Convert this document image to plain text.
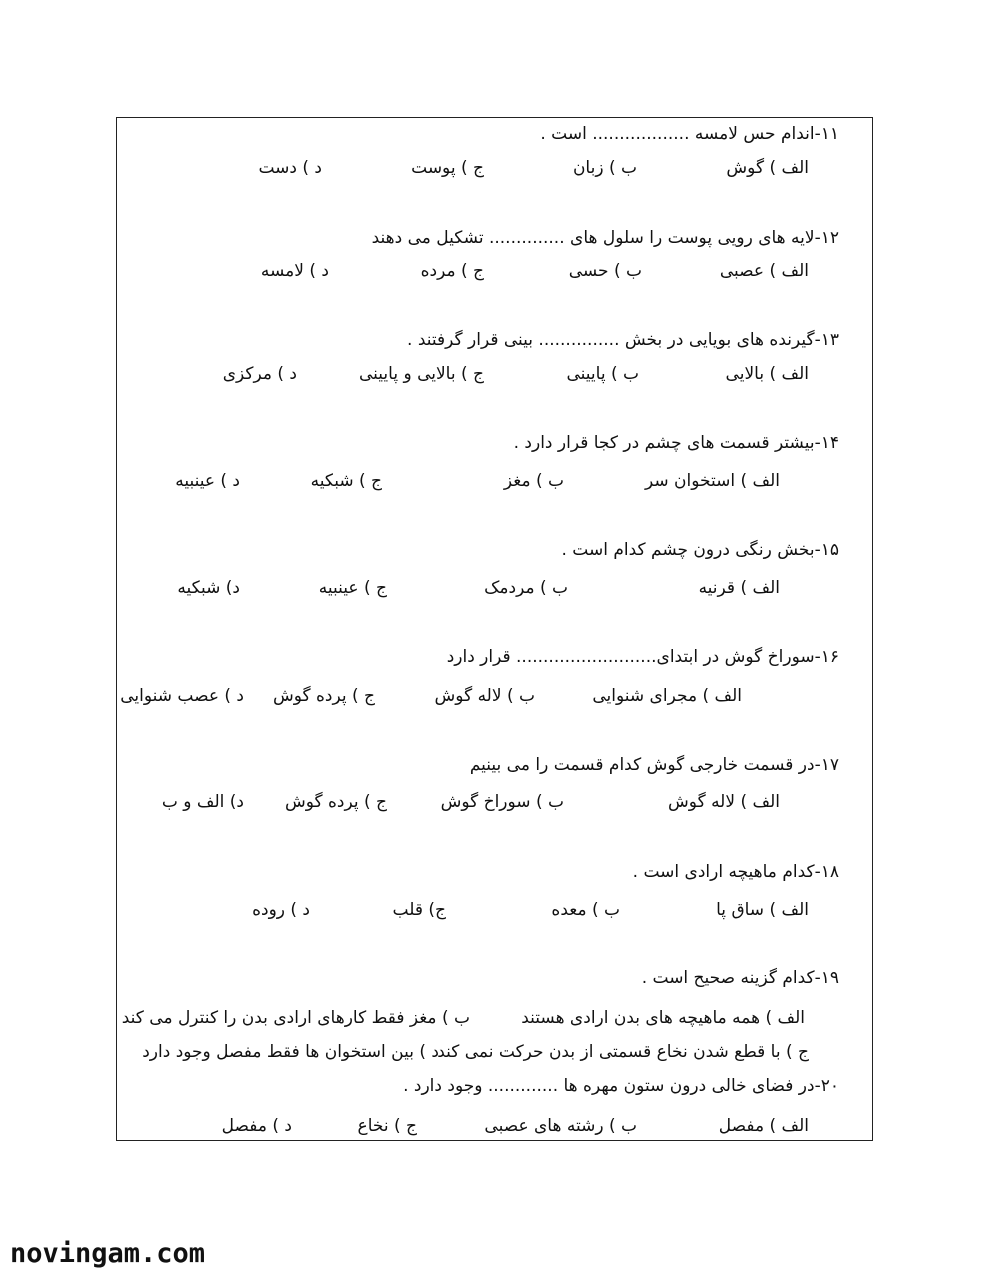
۱۱-اندام حس لامسه .................. است .
الف ) گوش
ب ) زبان
ج ) پوست
د ) دست
۱۲-لایه های رویی پوست را سلول های .............. تشکیل می دهند
الف ) عصبی
ب ) حسی
ج ) مرده
د ) لامسه
۱۳-گیرنده های بویایی در بخش ............... بینی قرار گرفتند .
الف ) بالایی
ب ) پایینی
ج ) بالایی و پایینی
د ) مرکزی
۱۴-بیشتر قسمت های چشم در کجا قرار دارد .
الف ) استخوان سر
ب ) مغز
ج ) شبکیه
د ) عینبیه
۱۵-بخش رنگی درون چشم کدام است .
الف ) قرنیه
ب ) مردمک
ج ) عینبیه
د) شبکیه
۱۶-سوراخ گوش در ابتدای.......................... قرار دارد
الف ) مجرای شنوایی
ب ) لاله گوش
ج ) پرده گوش
د ) عصب شنوایی
۱۷-در قسمت خارجی گوش کدام قسمت را می بینیم
الف ) لاله گوش
ب ) سوراخ گوش
ج ) پرده گوش
د) الف و ب
۱۸-کدام ماهیچه ارادی است .
الف ) ساق پا
ب ) معده
ج) قلب
د ) روده
۱۹-کدام گزینه صحیح است .
الف ) همه ماهیچه های بدن ارادی هستند
ب ) مغز فقط کارهای ارادی بدن را کنترل می کند
ج ) با قطع شدن نخاع قسمتی از بدن حرکت نمی کند
د ) بین استخوان ها فقط مفصل وجود دارد
۲۰-در فضای خالی درون ستون مهره ها ............. وجود دارد .
الف ) مفصل
ب ) رشته های عصبی
ج ) نخاع
د ) مفصل
novingam.com
